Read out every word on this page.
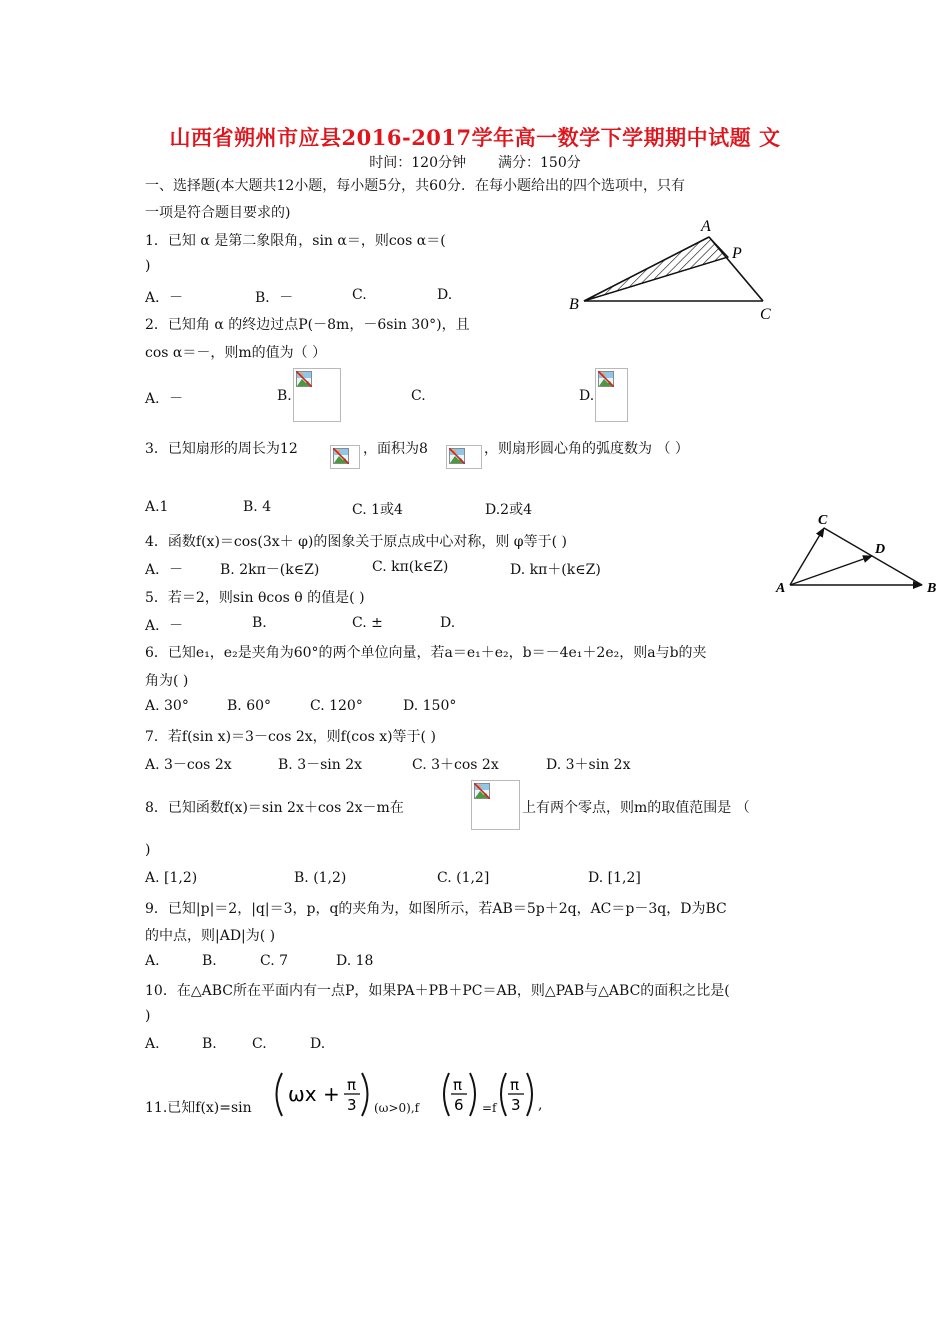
山西省朔州市应县2016-2017学年高一数学下学期期中试题 文
时间：120分钟 满分：150分
一、选择题(本大题共12小题，每小题5分，共60分．在每小题给出的四个选项中，只有
一项是符合题目要求的)
1．已知 α 是第二象限角，sin α＝，则cos α＝(
)
A．－	B．－	C.	D.
A
P
B
C
2．已知角 α 的终边过点P(－8m，－6sin 30°)，且
cos α＝－，则m的值为（ ）
A．－	B.	C.	D.
3．已知扇形的周长为12	，面积为8	，则扇形圆心角的弧度数为 （ ）
A.1	B. 4	C. 1或4	D.2或4
4．函数f(x)＝cos(3x＋ φ)的图象关于原点成中心对称，则 φ等于( )
A．－	B. 2kπ－(k∈Z)	C. kπ(k∈Z)	D. kπ＋(k∈Z)
C
D
A	B
5．若＝2，则sin θcos θ 的值是( )
A．－	B.	C. ±	D.
6．已知e₁，e₂是夹角为60°的两个单位向量，若a＝e₁＋e₂，b＝－4e₁＋2e₂，则a与b的夹
角为( )
A. 30°	B. 60°	C. 120°	D. 150°
7．若f(sin x)＝3－cos 2x，则f(cos x)等于( )
A. 3－cos 2x	B. 3－sin 2x	C. 3＋cos 2x	D. 3＋sin 2x
8．已知函数f(x)＝sin 2x＋cos 2x－m在	上有两个零点，则m的取值范围是 （
)
A. [1,2)	B. (1,2)	C. (1,2]	D. [1,2]
9．已知|p|＝2，|q|＝3，p，q的夹角为，如图所示，若AB＝5p＋2q，AC＝p－3q，D为BC
的中点，则|AD|为( )
A.	B.	C. 7	D. 18
10．在△ABC所在平面内有一点P，如果PA＋PB＋PC＝AB，则△PAB与△ABC的面积之比是(
)
A.	B.	C.	D.
11.已知f(x)=sin
ωx + π
3 (ω>0),f
π
6 =f
π
3 ,
